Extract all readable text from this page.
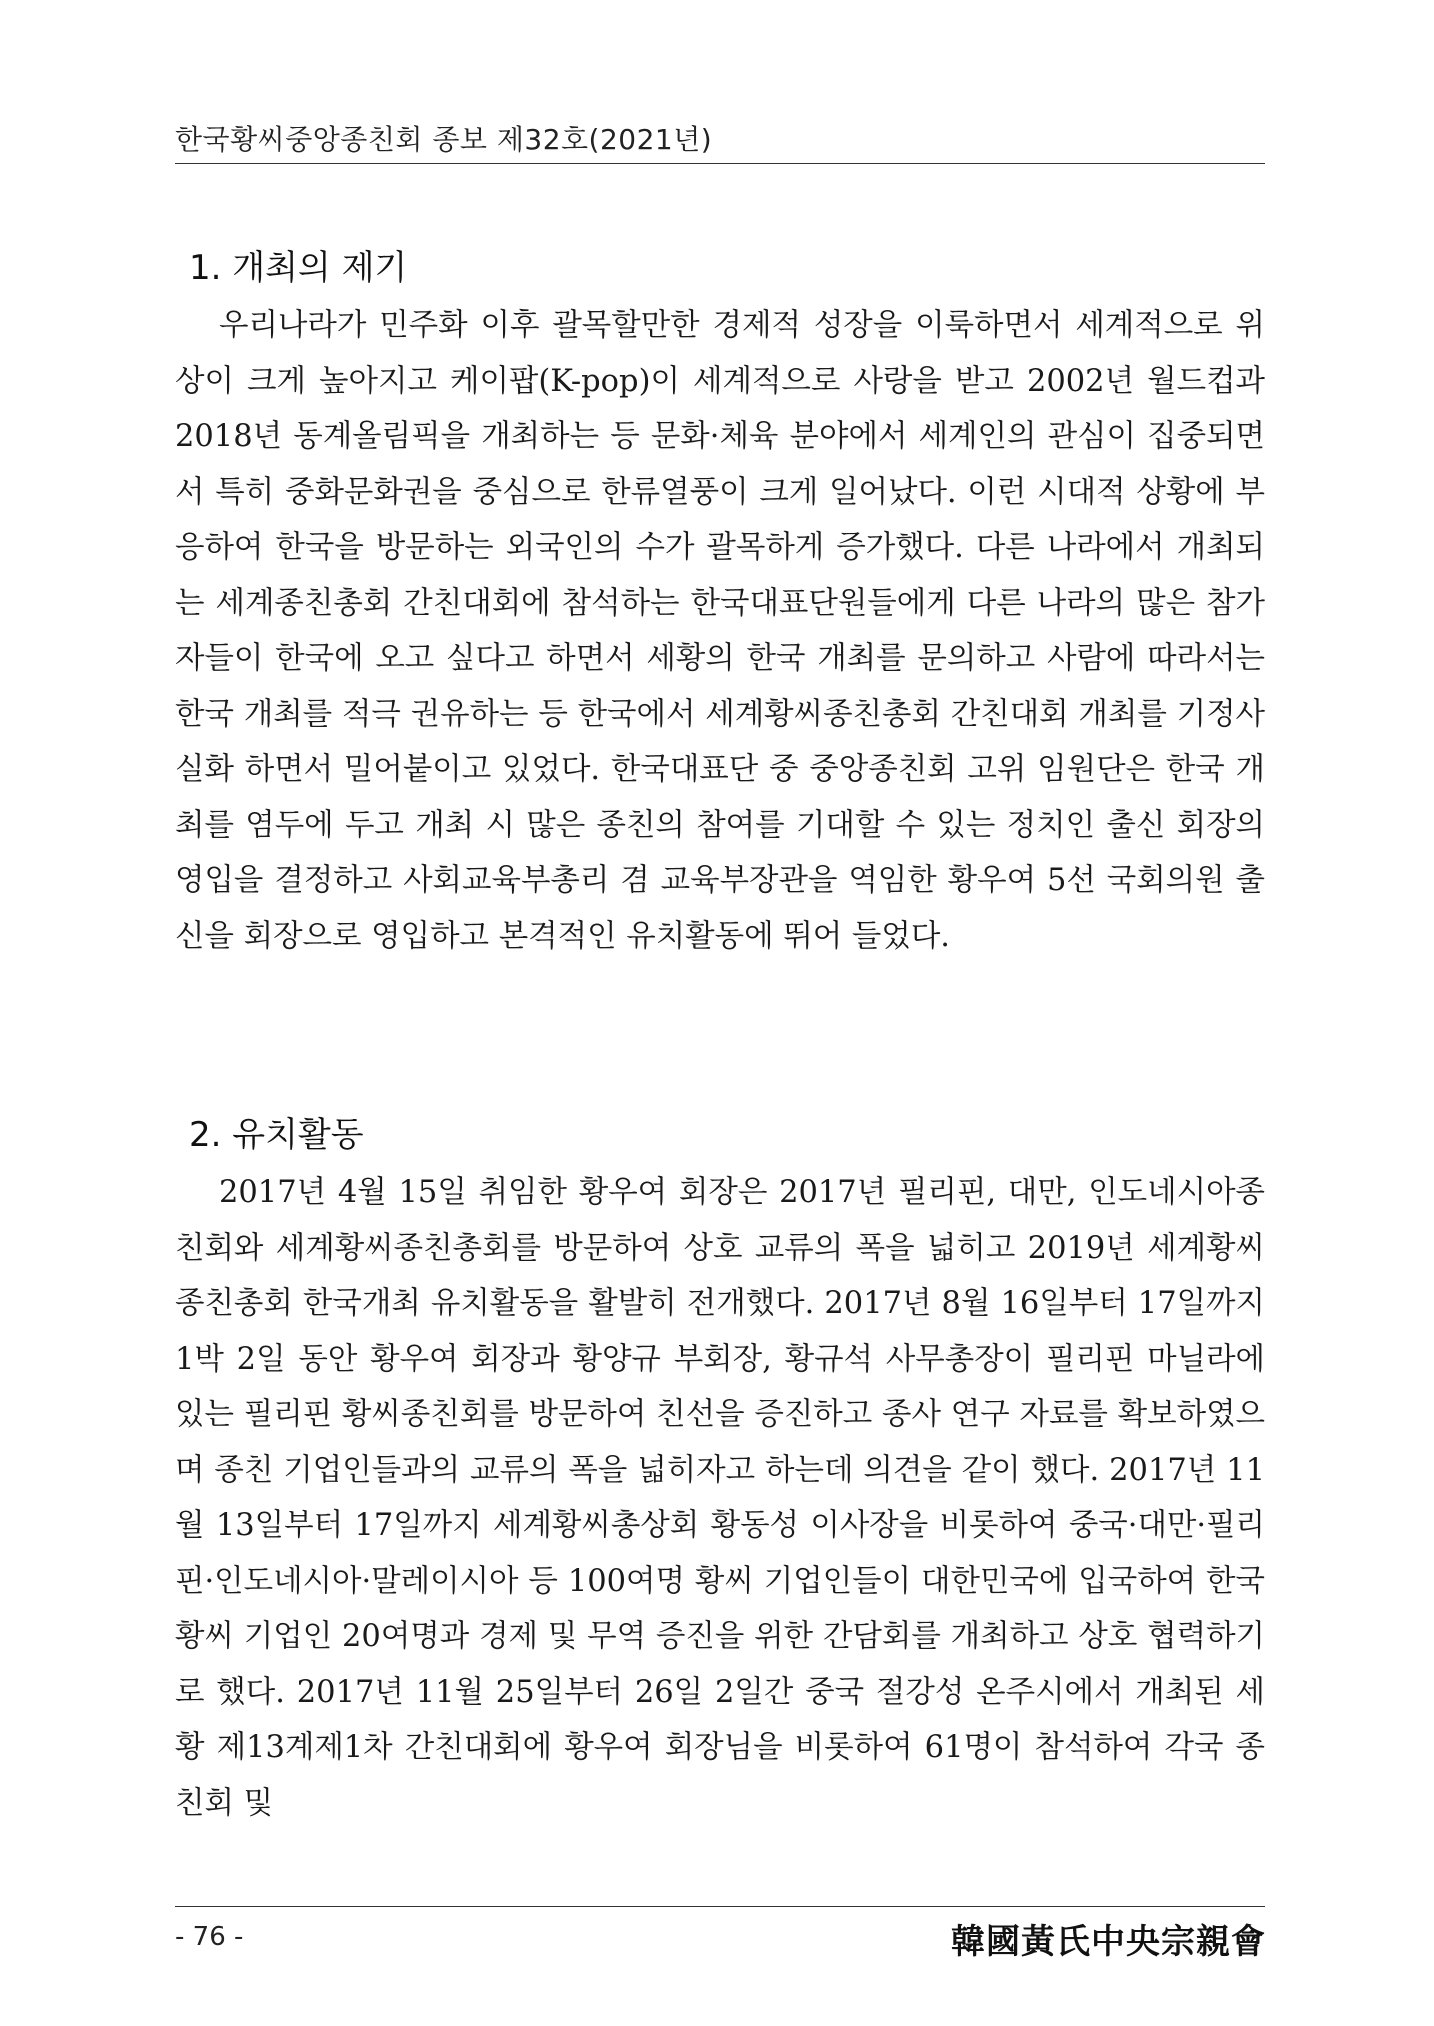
한국황씨중앙종친회 종보 제32호(2021년)
1. 개최의 제기

우리나라가 민주화 이후 괄목할만한 경제적 성장을 이룩하면서 세계적으로 위상이 크게 높아지고 케이팝(K-pop)이 세계적으로 사랑을 받고 2002년 월드컵과 2018년 동계올림픽을 개최하는 등 문화·체육 분야에서 세계인의 관심이 집중되면서 특히 중화문화권을 중심으로 한류열풍이 크게 일어났다. 이런 시대적 상황에 부응하여 한국을 방문하는 외국인의 수가 괄목하게 증가했다. 다른 나라에서 개최되는 세계종친총회 간친대회에 참석하는 한국대표단원들에게 다른 나라의 많은 참가자들이 한국에 오고 싶다고 하면서 세황의 한국 개최를 문의하고 사람에 따라서는 한국 개최를 적극 권유하는 등 한국에서 세계황씨종친총회 간친대회 개최를 기정사실화 하면서 밀어붙이고 있었다. 한국대표단 중 중앙종친회 고위 임원단은 한국 개최를 염두에 두고 개최 시 많은 종친의 참여를 기대할 수 있는 정치인 출신 회장의 영입을 결정하고 사회교육부총리 겸 교육부장관을 역임한 황우여 5선 국회의원 출신을 회장으로 영입하고 본격적인 유치활동에 뛰어 들었다.

2. 유치활동

2017년 4월 15일 취임한 황우여 회장은 2017년 필리핀, 대만, 인도네시아종친회와 세계황씨종친총회를 방문하여 상호 교류의 폭을 넓히고 2019년 세계황씨종친총회 한국개최 유치활동을 활발히 전개했다. 2017년 8월 16일부터 17일까지 1박 2일 동안 황우여 회장과 황양규 부회장, 황규석 사무총장이 필리핀 마닐라에 있는 필리핀 황씨종친회를 방문하여 친선을 증진하고 종사 연구 자료를 확보하였으며 종친 기업인들과의 교류의 폭을 넓히자고 하는데 의견을 같이 했다. 2017년 11월 13일부터 17일까지 세계황씨총상회 황동성 이사장을 비롯하여 중국·대만·필리핀·인도네시아·말레이시아 등 100여명 황씨 기업인들이 대한민국에 입국하여 한국황씨 기업인 20여명과 경제 및 무역 증진을 위한 간담회를 개최하고 상호 협력하기로 했다. 2017년 11월 25일부터 26일 2일간 중국 절강성 온주시에서 개최된 세황 제13계제1차 간친대회에 황우여 회장님을 비롯하여 61명이 참석하여 각국 종친회 및

- 76 -	韓國黃氏中央宗親會
